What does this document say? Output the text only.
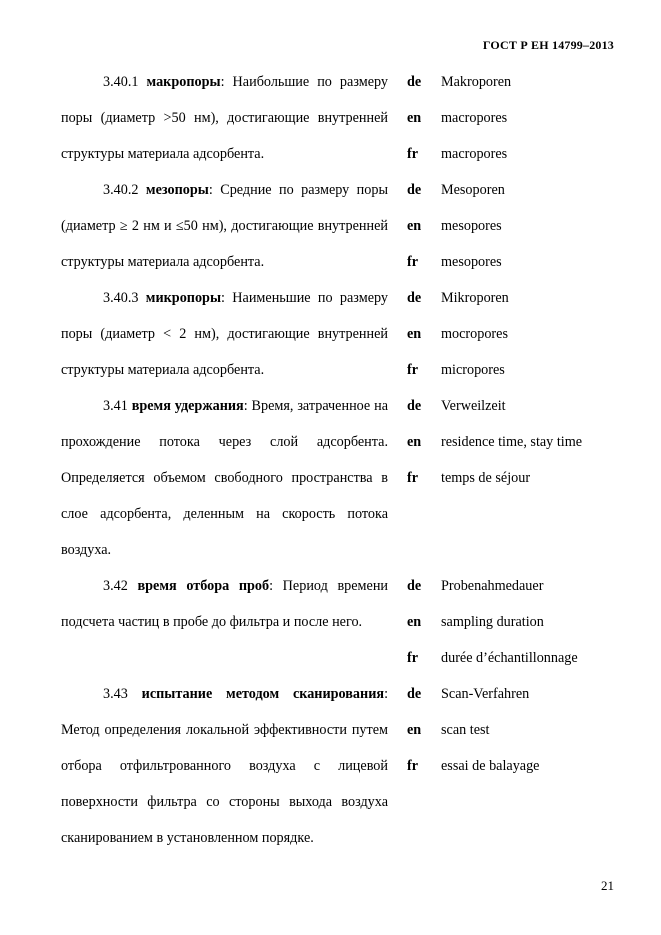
ГОСТ Р ЕН 14799–2013

3.40.1 макропоры: Наибольшие по размеру поры (диаметр >50 нм), достигающие внутренней структуры материала адсорбента.

de	Makroporen
en	macropores
fr	macropores

3.40.2 мезопоры: Средние по размеру поры (диаметр ≥ 2 нм и ≤50 нм), достигающие внутренней структуры материала адсорбента.

de	Mesoporen
en	mesopores
fr	mesopores

3.40.3 микропоры: Наименьшие по размеру поры (диаметр < 2 нм), достигающие внутренней структуры материала адсорбента.

de	Mikroporen
en	mocropores
fr	micropores

3.41 время удержания: Время, затраченное на прохождение потока через слой адсорбента. Определяется объемом свободного пространства в слое адсорбента, деленным на скорость потока воздуха.

de	Verweilzeit
en	residence time, stay time
fr	temps de séjour

3.42 время отбора проб: Период времени подсчета частиц в пробе до фильтра и после него.

de	Probenahmedauer
en	sampling duration
fr	durée d’échantillonnage

3.43 испытание методом сканирования: Метод определения локальной эффективности путем отбора отфильтрованного воздуха с лицевой поверхности фильтра со стороны выхода воздуха сканированием в установленном порядке.

de	Scan-Verfahren
en	scan test
fr	essai de balayage
21
